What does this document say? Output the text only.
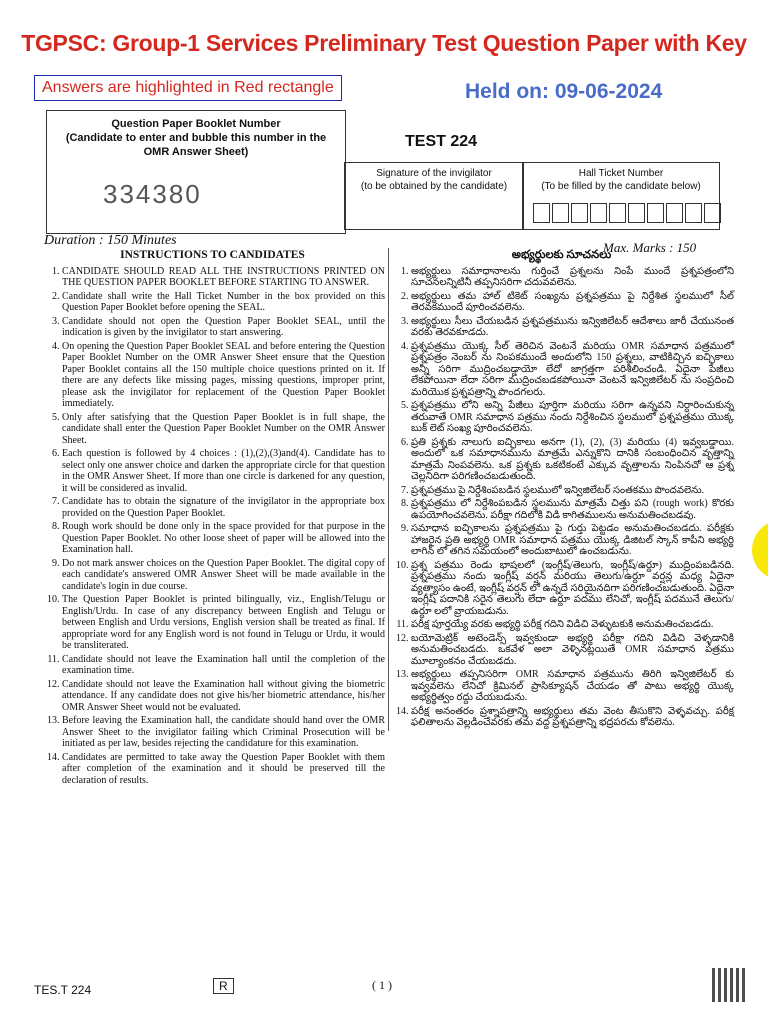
TGPSC: Group-1 Services Preliminary Test Question Paper with Key
Answers are highlighted in Red rectangle	Held on: 09-06-2024
Question Paper Booklet Number
(Candidate to enter and bubble this number in the
OMR Answer Sheet)
334380
TEST 224
Signature of the invigilator
(to be obtained by the candidate)
Hall Ticket Number
(To be filled by the candidate below)
Duration : 150 Minutes	Max. Marks : 150
INSTRUCTIONS TO CANDIDATES
1. CANDIDATE SHOULD READ ALL THE INSTRUCTIONS PRINTED ON THE QUESTION PAPER BOOKLET BEFORE STARTING TO ANSWER.
2. Candidate shall write the Hall Ticket Number in the box provided on this Question Paper Booklet before opening the SEAL.
3. Candidate should not open the Question Paper Booklet SEAL, until the indication is given by the invigilator to start answering.
4. On opening the Question Paper Booklet SEAL and before entering the Question Paper Booklet Number on the OMR Answer Sheet ensure that the Question Paper Booklet contains all the 150 multiple choice questions printed on it. If there are any defects like missing pages, missing questions, improper print, please ask the invigilator for replacement of the Question Paper Booklet immediately.
5. Only after satisfying that the Question Paper Booklet is in full shape, the candidate shall enter the Question Paper Booklet Number on the OMR Answer Sheet.
6. Each question is followed by 4 choices : (1),(2),(3)and(4). Candidate has to select only one answer choice and darken the appropriate circle for that question in the OMR Answer Sheet. If more than one circle is darkened for any question, it will be considered as invalid.
7. Candidate has to obtain the signature of the invigilator in the appropriate box provided on the Question Paper Booklet.
8. Rough work should be done only in the space provided for that purpose in the Question Paper Booklet. No other loose sheet of paper will be allowed into the Examination hall.
9. Do not mark answer choices on the Question Paper Booklet. The digital copy of each candidate's answered OMR Answer Sheet will be made available in the candidate's login in due course.
10. The Question Paper Booklet is printed bilingually, viz., English/Telugu or English/Urdu. In case of any discrepancy between English and Telugu or between English and Urdu versions, English version shall be treated as final. If appropriate word for any English word is not found in Telugu or Urdu, it would be transliterated.
11. Candidate should not leave the Examination hall until the completion of the examination time.
12. Candidate should not leave the Examination hall without giving the biometric attendance. If any candidate does not give his/her biometric attendance, his/her OMR Answer Sheet would not be evaluated.
13. Before leaving the Examination hall, the candidate should hand over the OMR Answer Sheet to the invigilator failing which Criminal Prosecution will be initiated as per law, besides rejecting the candidature for this examination.
14. Candidates are permitted to take away the Question Paper Booklet with them after completion of the examination and it should be preserved till the declaration of results.
అభ్యర్థులకు సూచనలు
1. అభ్యర్థులు సమాధానాలను గుర్తించే ప్రశ్నలను నింపే ముందే ప్రశ్నపత్రంలోని సూచనలన్నిటినీ తప్పనిసరిగా చదువవలెను.
2. అభ్యర్థులు తమ హాల్ టికెట్ సంఖ్యను ప్రశ్నపత్రము పై నిర్దేశిత స్థలములో సీల్ తెరవకముందే పూరించవలెను.
3. అభ్యర్థులు సీలు చేయబడిన ప్రశ్నపత్రమును ఇన్విజిలేటర్ ఆదేశాలు జారీ చేయునంత వరకు తెరవకూడదు.
4. ప్రశ్నపత్రము యొక్క సీల్ తెరిచిన వెంటనే మరియు OMR సమాధాన పత్రములో ప్రశ్నపత్రం నెంబర్ ను నింపకముందే అందులోని 150 ప్రశ్నలు, వాటికిచ్చిన ఐచ్ఛికాలు అన్నీ సరిగా ముద్రించబడ్డాయో లేదో జాగ్రత్తగా పరిశీలించండి. ఏదైనా పేజీలు లేకపోయినా లేదా సరిగా ముద్రించబడకపోయినా వెంటనే ఇన్విజిలేటర్ ను సంప్రదించి మరియొక ప్రశ్నపత్రాన్ని పొందగలరు.
5. ప్రశ్నపత్రము లోని అన్ని పేజీలు పూర్తిగా మరియు సరిగా ఉన్నవని నిర్ధారించుకున్న తరువాతే OMR సమాధాన పత్రము నందు నిర్దేశించిన స్థలములో ప్రశ్నపత్రము యొక్క బుక్ లెట్ సంఖ్య పూరించవలెను.
6. ప్రతి ప్రశ్నకు నాలుగు ఐచ్ఛికాలు అనగా (1), (2), (3) మరియు (4) ఇవ్వబడ్డాయి. అందులో ఒక సమాధానమును మాత్రమే ఎన్నుకొని దానికి సంబంధించిన వృత్తాన్ని మాత్రమే నింపవలెను. ఒక ప్రశ్నకు ఒకటికంటే ఎక్కువ వృత్తాలను నింపినచో ఆ ప్రశ్న చెల్లనిదిగా పరిగణించబడుతుంది.
7. ప్రశ్నపత్రము పై నిర్దేశింపబడిన స్థలములో ఇన్విజిలేటర్ సంతకము పొందవలెను.
8. ప్రశ్నపత్రము లో నిర్దేశింపబడిన స్థలమును మాత్రమే చిత్తు పని (rough work) కొరకు ఉపయోగించవలెను. పరీక్షా గదిలోకి విడి కాగితములను అనుమతించబడవు.
9. సమాధాన ఐచ్ఛికాలను ప్రశ్నపత్రము పై గుర్తు పెట్టడం అనుమతించబడదు. పరీక్షకు హాజరైన ప్రతి అభ్యర్థి OMR సమాధాన పత్రము యొక్క డిజిటల్ స్కాన్ కాపీని అభ్యర్థి లాగిన్ లో తగిన సమయంలో అందుబాటులో ఉంచబడును.
10. ప్రశ్న పత్రము రెండు భాషలలో (ఇంగ్లీష్/తెలుగు, ఇంగ్లీష్/ఉర్దూ) ముద్రింపబడినది. ప్రశ్నపత్రము నందు ఇంగ్లీష్ వర్షన్ మరియు తెలుగు/ఉర్దూ వర్షన్ల మధ్య ఏదైనా వ్యత్యాసం ఉంటే, ఇంగ్లీష్ వర్షన్ లో ఉన్నదే సరియైనదిగా పరిగణించబడుతుంది. ఏదైనా ఇంగ్లీష్ పదానికి సరైన తెలుగు లేదా ఉర్దూ పదము లేనిచో, ఇంగ్లీష్ పదమునే తెలుగు/ఉర్దూ లలో వ్రాయబడును.
11. పరీక్ష పూర్తయ్యే వరకు అభ్యర్థి పరీక్ష గదిని విడిచి వెళ్ళుటకుకి అనుమతించబడదు.
12. బయోమెట్రిక్ అటెండెన్స్ ఇవ్వకుండా అభ్యర్థి పరీక్షా గదిని విడిచి వెళ్ళడానికి అనుమతించబడదు. ఒకవేళ అలా వెళ్ళినట్లయితే OMR సమాధాన పత్రము మూల్యాంకనం చేయబడదు.
13. అభ్యర్థులు తప్పనిసరిగా OMR సమాధాన పత్రమును తిరిగి ఇన్విజిలేటర్ కు ఇవ్వవలెను లేనిచో క్రిమినల్ ప్రాసిక్యూషన్ చేయడం తో పాటు అభ్యర్థి యొక్క అభ్యర్థిత్వం రద్దు చేయబడును.
14. పరీక్ష అనంతరం ప్రశ్నాపత్రాన్ని అభ్యర్థులు తమ వెంట తీసుకొని వెళ్ళవచ్చు. పరీక్ష ఫలితాలను వెల్లడించేవరకు తమ వద్ద ప్రశ్నపత్రాన్ని భద్రపరచు కోవలెను.
TES.T 224	R	( 1 )
